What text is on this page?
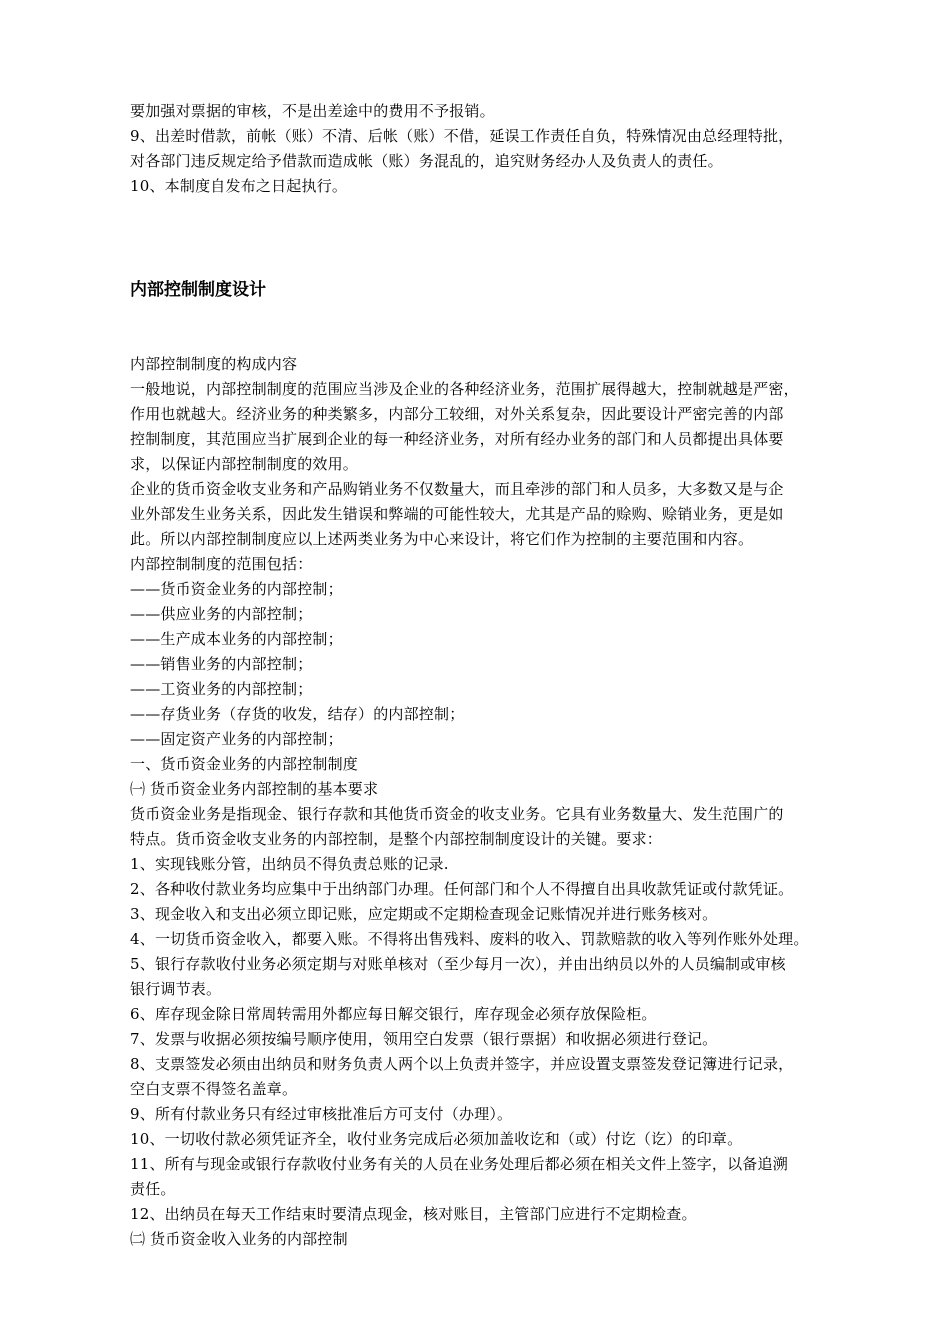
要加强对票据的审核，不是出差途中的费用不予报销。
9、出差时借款，前帐（账）不清、后帐（账）不借，延误工作责任自负，特殊情况由总经理特批，
对各部门违反规定给予借款而造成帐（账）务混乱的，追究财务经办人及负责人的责任。
10、本制度自发布之日起执行。
内部控制制度设计
内部控制制度的构成内容
一般地说，内部控制制度的范围应当涉及企业的各种经济业务，范围扩展得越大，控制就越是严密，
作用也就越大。经济业务的种类繁多，内部分工较细，对外关系复杂，因此要设计严密完善的内部
控制制度，其范围应当扩展到企业的每一种经济业务，对所有经办业务的部门和人员都提出具体要
求，以保证内部控制制度的效用。
企业的货币资金收支业务和产品购销业务不仅数量大，而且牵涉的部门和人员多，大多数又是与企
业外部发生业务关系，因此发生错误和弊端的可能性较大，尤其是产品的赊购、赊销业务，更是如
此。所以内部控制制度应以上述两类业务为中心来设计，将它们作为控制的主要范围和内容。
内部控制制度的范围包括：
——货币资金业务的内部控制；
——供应业务的内部控制；
——生产成本业务的内部控制；
——销售业务的内部控制；
——工资业务的内部控制；
——存货业务（存货的收发，结存）的内部控制；
——固定资产业务的内部控制；
一、货币资金业务的内部控制制度
㈠ 货币资金业务内部控制的基本要求
货币资金业务是指现金、银行存款和其他货币资金的收支业务。它具有业务数量大、发生范围广的
特点。货币资金收支业务的内部控制，是整个内部控制制度设计的关键。要求：
1、实现钱账分管，出纳员不得负责总账的记录.
2、各种收付款业务均应集中于出纳部门办理。任何部门和个人不得擅自出具收款凭证或付款凭证。
3、现金收入和支出必须立即记账，应定期或不定期检查现金记账情况并进行账务核对。
4、一切货币资金收入，都要入账。不得将出售残料、废料的收入、罚款赔款的收入等列作账外处理。
5、银行存款收付业务必须定期与对账单核对（至少每月一次），并由出纳员以外的人员编制或审核
银行调节表。
6、库存现金除日常周转需用外都应每日解交银行，库存现金必须存放保险柜。
7、发票与收据必须按编号顺序使用，领用空白发票（银行票据）和收据必须进行登记。
8、支票签发必须由出纳员和财务负责人两个以上负责并签字，并应设置支票签发登记簿进行记录，
空白支票不得签名盖章。
9、所有付款业务只有经过审核批准后方可支付（办理）。
10、一切收付款必须凭证齐全，收付业务完成后必须加盖收讫和（或）付讫（讫）的印章。
11、所有与现金或银行存款收付业务有关的人员在业务处理后都必须在相关文件上签字，以备追溯
责任。
12、出纳员在每天工作结束时要清点现金，核对账目，主管部门应进行不定期检查。
㈡ 货币资金收入业务的内部控制
